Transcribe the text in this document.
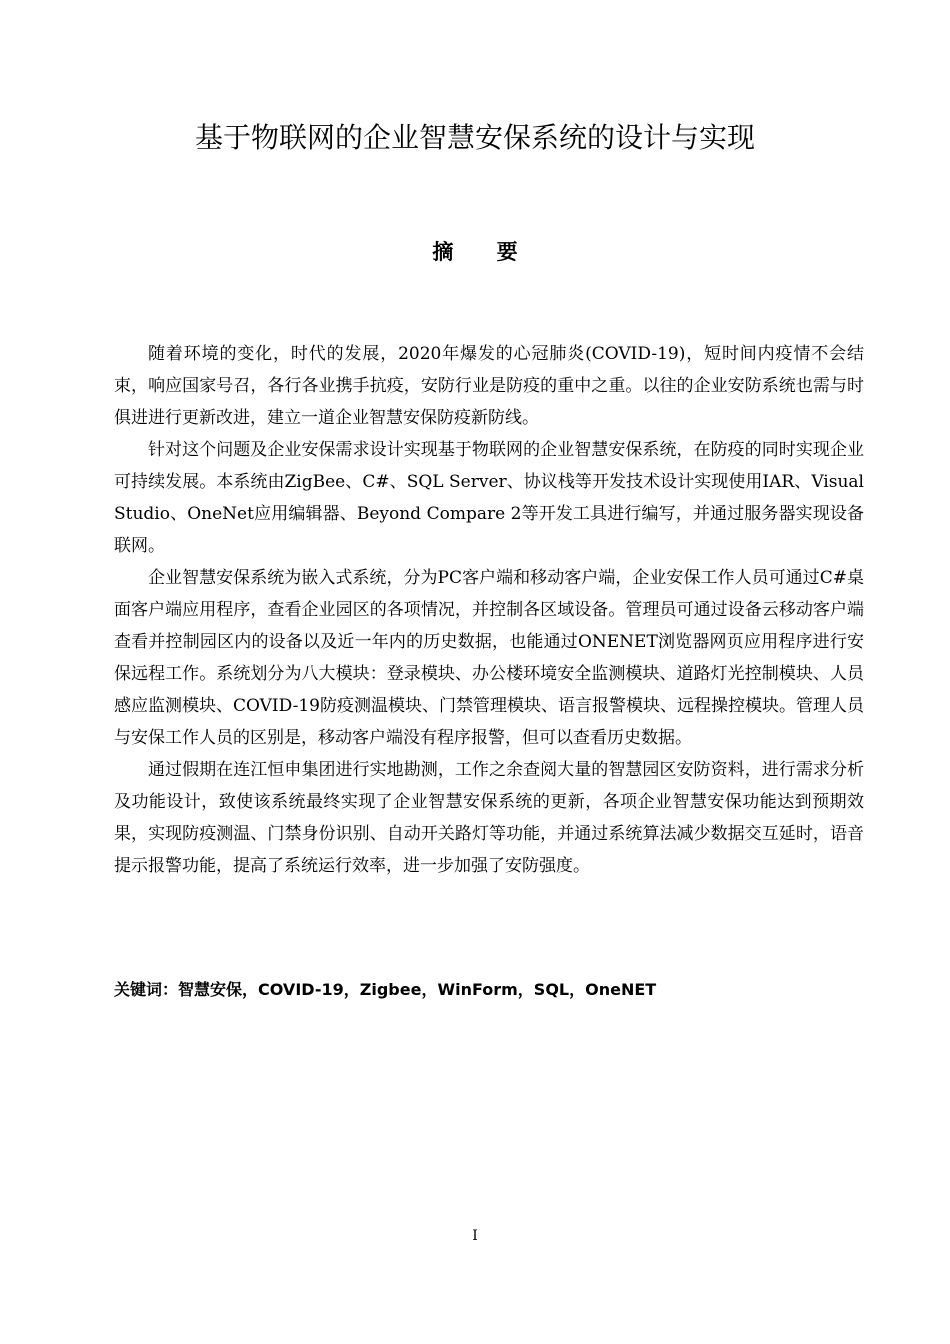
基于物联网的企业智慧安保系统的设计与实现
摘 要

随着环境的变化，时代的发展，2020年爆发的心冠肺炎(COVID-19)，短时间内疫情不会结束，响应国家号召，各行各业携手抗疫，安防行业是防疫的重中之重。以往的企业安防系统也需与时俱进进行更新改进，建立一道企业智慧安保防疫新防线。

针对这个问题及企业安保需求设计实现基于物联网的企业智慧安保系统，在防疫的同时实现企业可持续发展。本系统由ZigBee、C#、SQL Server、协议栈等开发技术设计实现使用IAR、Visual Studio、OneNet应用编辑器、Beyond Compare 2等开发工具进行编写，并通过服务器实现设备联网。

企业智慧安保系统为嵌入式系统，分为PC客户端和移动客户端，企业安保工作人员可通过C#桌面客户端应用程序，查看企业园区的各项情况，并控制各区域设备。管理员可通过设备云移动客户端查看并控制园区内的设备以及近一年内的历史数据，也能通过ONENET浏览器网页应用程序进行安保远程工作。系统划分为八大模块：登录模块、办公楼环境安全监测模块、道路灯光控制模块、人员感应监测模块、COVID-19防疫测温模块、门禁管理模块、语言报警模块、远程操控模块。管理人员与安保工作人员的区别是，移动客户端没有程序报警，但可以查看历史数据。

通过假期在连江恒申集团进行实地勘测，工作之余查阅大量的智慧园区安防资料，进行需求分析及功能设计，致使该系统最终实现了企业智慧安保系统的更新，各项企业智慧安保功能达到预期效果，实现防疫测温、门禁身份识别、自动开关路灯等功能，并通过系统算法减少数据交互延时，语音提示报警功能，提高了系统运行效率，进一步加强了安防强度。

关键词：智慧安保，COVID-19，Zigbee，WinForm，SQL，OneNET

I
